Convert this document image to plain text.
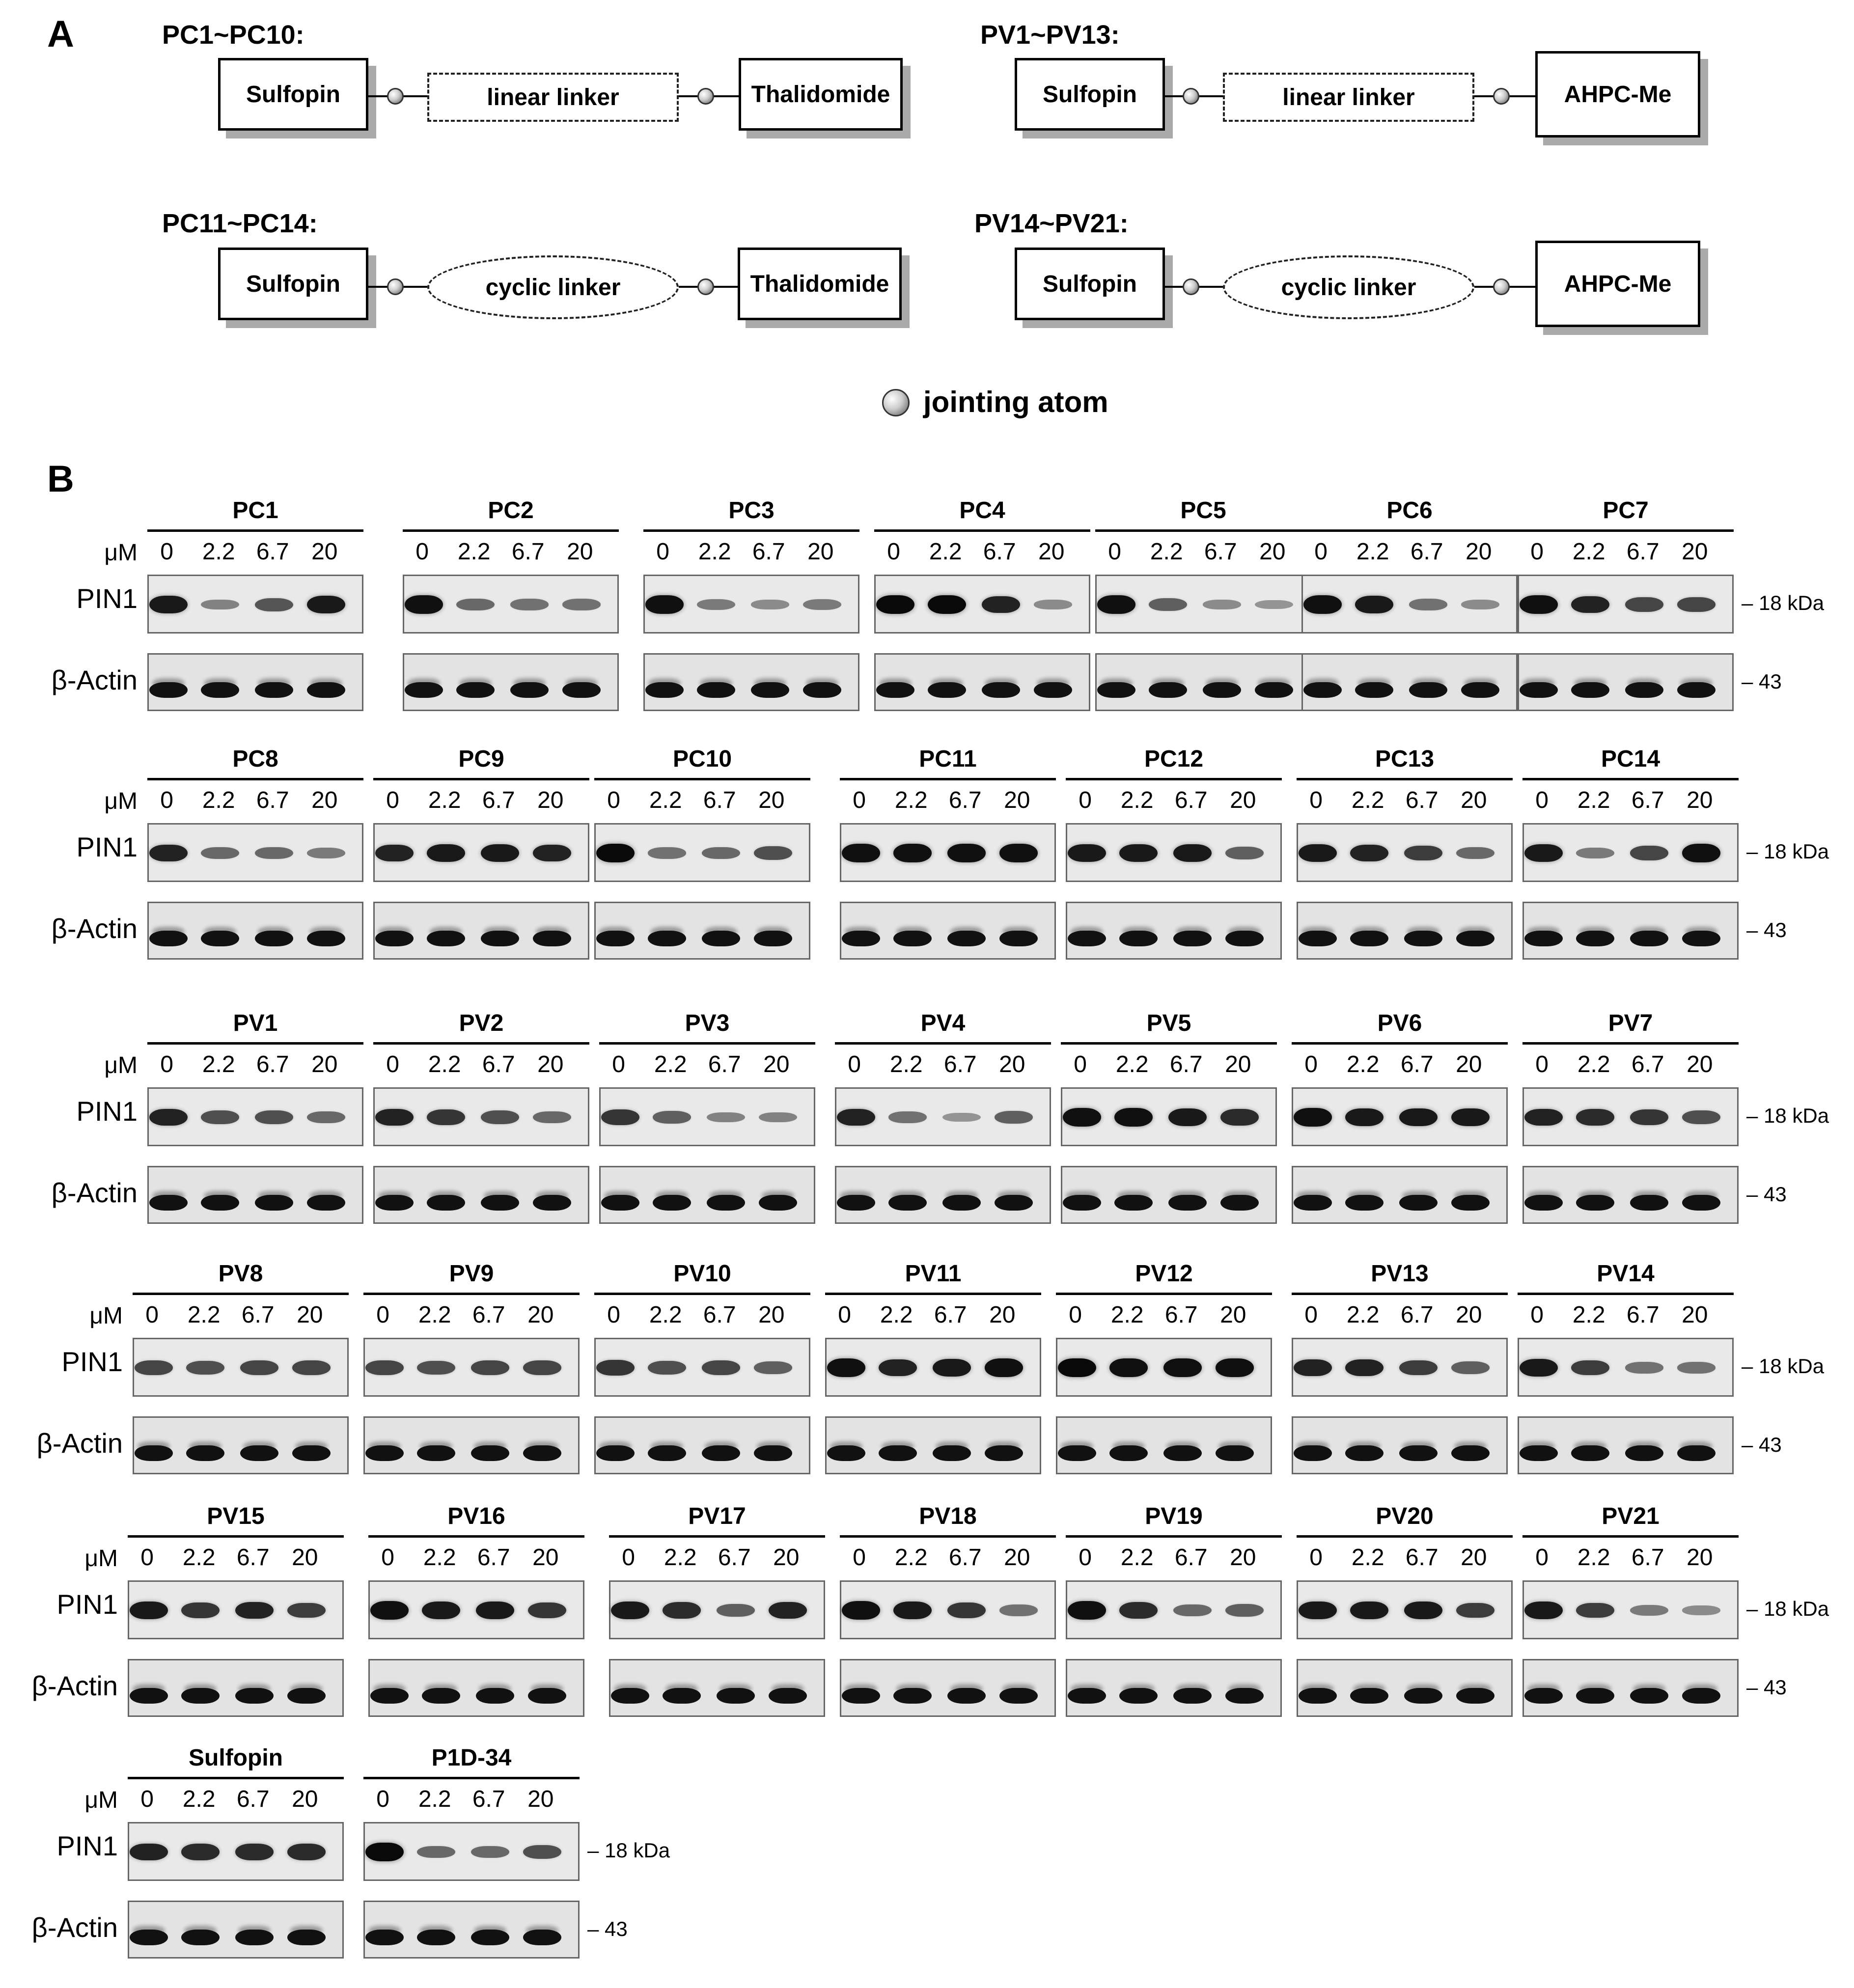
A	PC1~PC10:
Sulfopin	linear linker	Thalidomide
PV1~PV13:
Sulfopin	linear linker	AHPC-Me
PC11~PC14:
Sulfopin	cyclic linker	Thalidomide
PV14~PV21:
Sulfopin	cyclic linker	AHPC-Me
jointing atom
B
μM
PIN1
β-Actin
PC1
0	2.2 6.7 20
PC2
0	2.2 6.7 20
PC3
0	2.2 6.7 20
PC4
0	2.2 6.7 20
PC5
0	2.2 6.7 20
PC6
0	2.2 6.7 20
PC7
0	2.2 6.7 20
– 18 kDa
– 43
μM
PIN1
β-Actin
PC8
0	2.2 6.7 20
PC9
0	2.2 6.7 20
PC10
0	2.2 6.7 20
PC11
0	2.2 6.7 20
PC12
0	2.2 6.7 20
PC13
0	2.2 6.7 20
PC14
0	2.2 6.7 20
– 18 kDa
– 43
μM
PIN1
β-Actin
PV1
0	2.2 6.7 20
PV2
0	2.2 6.7 20
PV3
0	2.2 6.7 20
PV4
0	2.2 6.7 20
PV5
0	2.2 6.7 20
PV6
0	2.2 6.7 20
PV7
0	2.2 6.7 20
– 18 kDa
– 43
μM
PIN1
β-Actin
PV8
0	2.2 6.7 20
PV9
0	2.2 6.7 20
PV10
0	2.2 6.7 20
PV11
0	2.2 6.7 20
PV12
0	2.2 6.7 20
PV13
0	2.2 6.7 20
PV14
0	2.2 6.7 20
– 18 kDa
– 43
μM
PIN1
β-Actin
PV15
0	2.2 6.7 20
PV16
0	2.2 6.7 20
PV17
0	2.2 6.7 20
PV18
0	2.2 6.7 20
PV19
0	2.2 6.7 20
PV20
0	2.2 6.7 20
PV21
0	2.2 6.7 20
– 18 kDa
– 43
μM
PIN1
β-Actin
Sulfopin
0	2.2 6.7 20
P1D-34
0	2.2 6.7 20
– 18 kDa
– 43
